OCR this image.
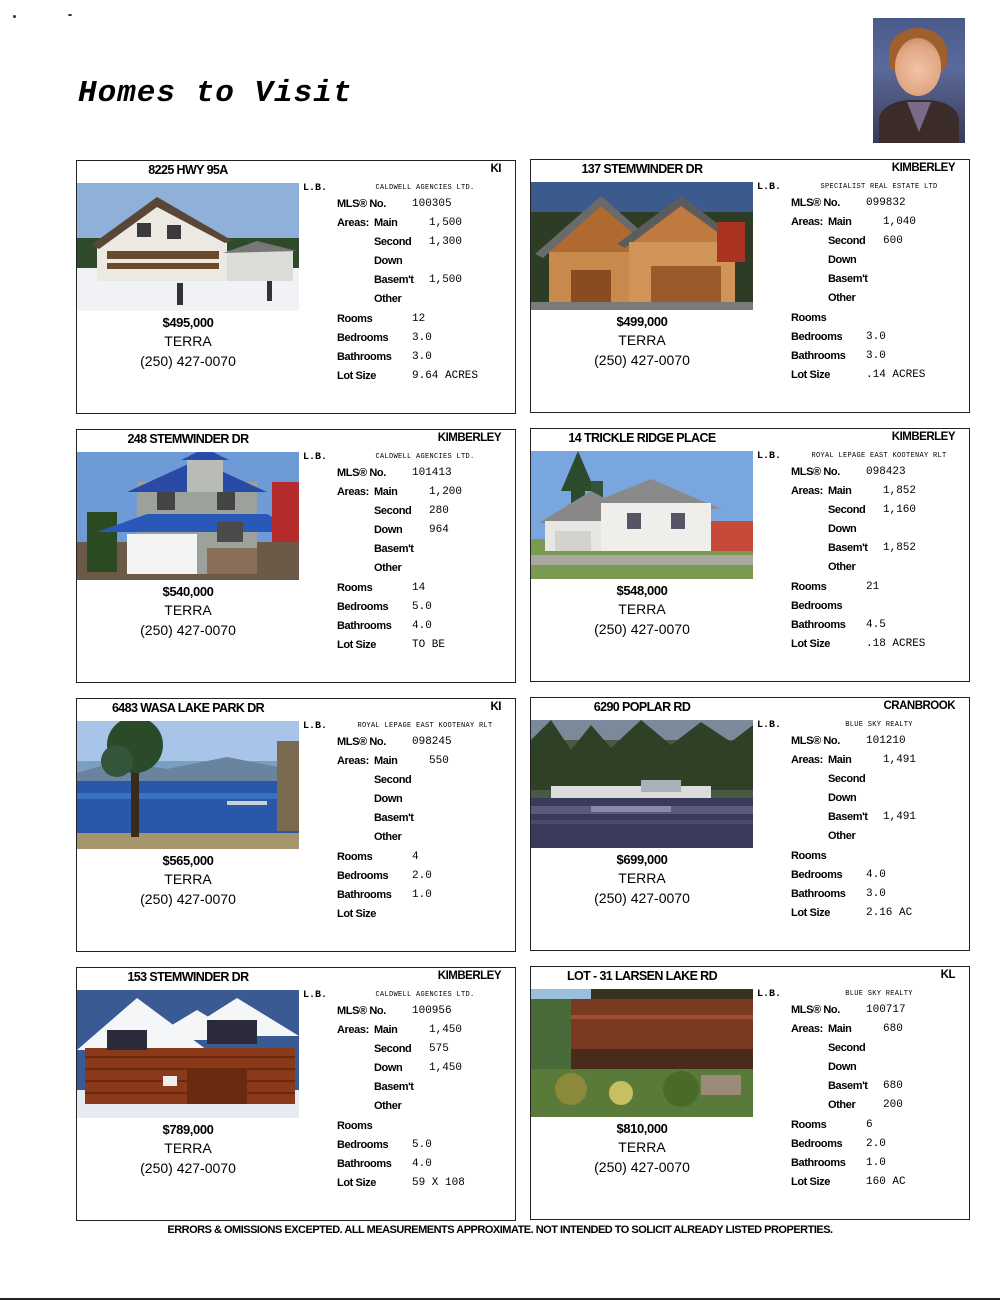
Homes to Visit
8225 HWY 95A	KI
$495,000
TERRA
(250) 427-0070
L.B.	CALDWELL AGENCIES LTD.
MLS® No. 100305
Areas: Main	1,500
Second 1,300
Down
Basem't 1,500
Other
Rooms	12
Bedrooms 3.0
Bathrooms 3.0
Lot Size	9.64 ACRES
137 STEMWINDER DR	KIMBERLEY
$499,000
TERRA
(250) 427-0070
L.B.	SPECIALIST REAL ESTATE LTD
MLS® No. 099832
Areas: Main	1,040
Second 600
Down
Basem't
Other
Rooms
Bedrooms 3.0
Bathrooms 3.0
Lot Size	.14 ACRES
248 STEMWINDER DR	KIMBERLEY
$540,000
TERRA
(250) 427-0070
L.B.	CALDWELL AGENCIES LTD.
MLS® No. 101413
Areas: Main	1,200
Second 280
Down 964
Basem't
Other
Rooms	14
Bedrooms 5.0
Bathrooms 4.0
Lot Size	TO BE
14 TRICKLE RIDGE PLACE	KIMBERLEY
$548,000
TERRA
(250) 427-0070
L.B.	ROYAL LEPAGE EAST KOOTENAY RLT
MLS® No. 098423
Areas: Main	1,852
Second 1,160
Down
Basem't 1,852
Other
Rooms	21
Bedrooms
Bathrooms 4.5
Lot Size	.18 ACRES
6483 WASA LAKE PARK DR	KI
$565,000
TERRA
(250) 427-0070
L.B.	ROYAL LEPAGE EAST KOOTENAY RLT
MLS® No. 098245
Areas: Main	550
Second
Down
Basem't
Other
Rooms	4
Bedrooms 2.0
Bathrooms 1.0
Lot Size
6290 POPLAR RD	CRANBROOK
$699,000
TERRA
(250) 427-0070
L.B.	BLUE SKY REALTY
MLS® No. 101210
Areas: Main	1,491
Second
Down
Basem't 1,491
Other
Rooms
Bedrooms 4.0
Bathrooms 3.0
Lot Size	2.16 AC
153 STEMWINDER DR	KIMBERLEY
$789,000
TERRA
(250) 427-0070
L.B.	CALDWELL AGENCIES LTD.
MLS® No. 100956
Areas: Main	1,450
Second 575
Down 1,450
Basem't
Other
Rooms
Bedrooms 5.0
Bathrooms 4.0
Lot Size	59 X 108
LOT - 31 LARSEN LAKE RD	KL
$810,000
TERRA
(250) 427-0070
L.B.	BLUE SKY REALTY
MLS® No. 100717
Areas: Main	680
Second
Down
Basem't 680
Other	200
Rooms	6
Bedrooms 2.0
Bathrooms 1.0
Lot Size	160 AC
ERRORS & OMISSIONS EXCEPTED. ALL MEASUREMENTS APPROXIMATE. NOT INTENDED TO SOLICIT ALREADY LISTED PROPERTIES.
